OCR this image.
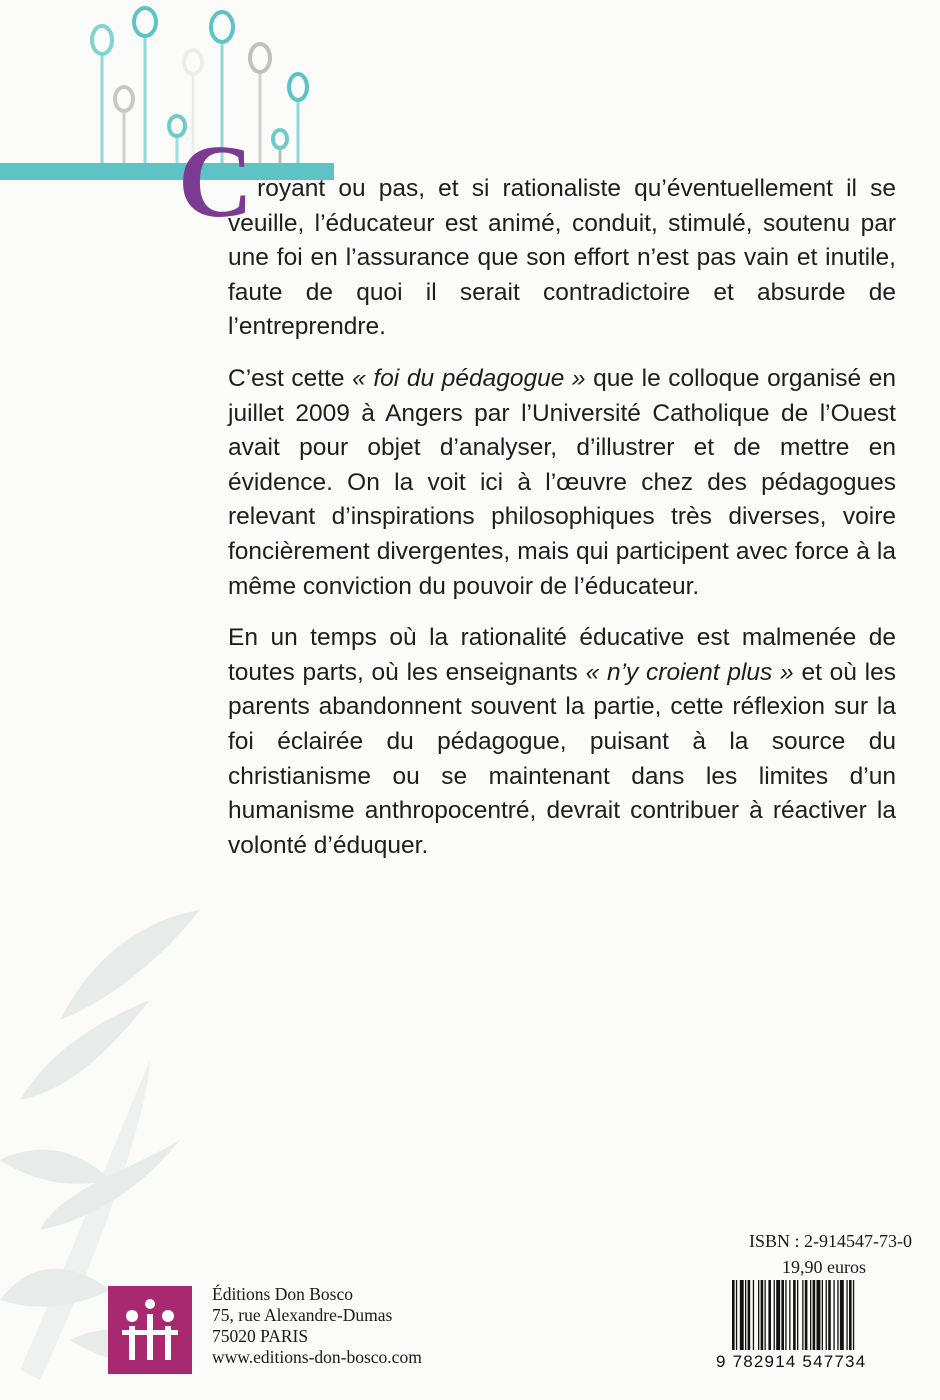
Croyant ou pas, et si rationaliste qu’éventuellement il se veuille, l’éducateur est animé, conduit, stimulé, soutenu par une foi en l’assurance que son effort n’est pas vain et inutile, faute de quoi il serait contradictoire et absurde de l’entreprendre.

C’est cette « foi du pédagogue » que le colloque organisé en juillet 2009 à Angers par l’Université Catholique de l’Ouest avait pour objet d’analyser, d’illustrer et de mettre en évidence. On la voit ici à l’œuvre chez des pédagogues relevant d’inspirations philosophiques très diverses, voire foncièrement divergentes, mais qui participent avec force à la même conviction du pouvoir de l’éducateur.

En un temps où la rationalité éducative est malmenée de toutes parts, où les enseignants « n’y croient plus » et où les parents abandonnent souvent la partie, cette réflexion sur la foi éclairée du pédagogue, puisant à la source du christianisme ou se maintenant dans les limites d’un humanisme anthropocentré, devrait contribuer à réactiver la volonté d’éduquer.

ISBN : 2-914547-73-0
19,90 euros
9 782914 547734
Éditions Don Bosco
75, rue Alexandre-Dumas
75020 PARIS
www.editions-don-bosco.com
